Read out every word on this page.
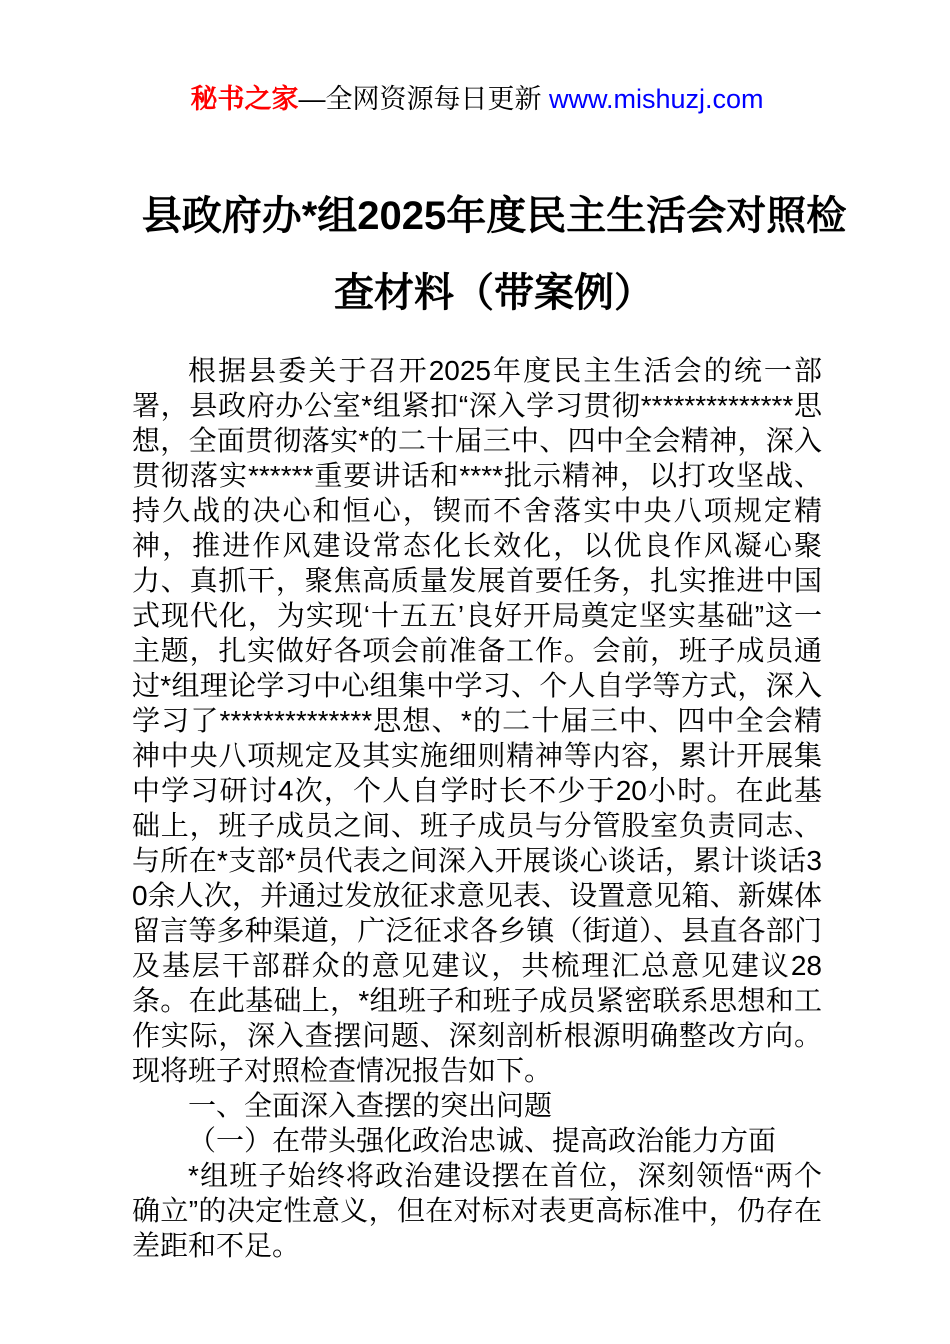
秘书之家—全网资源每日更新 www.mishuzj.com
县政府办*组2025年度民主生活会对照检查材料（带案例）

根据县委关于召开2025年度民主生活会的统一部署，县政府办公室*组紧扣“深入学习贯彻**************思想，全面贯彻落实*的二十届三中、四中全会精神，深入贯彻落实******重要讲话和****批示精神，以打攻坚战、持久战的决心和恒心，锲而不舍落实中央八项规定精神，推进作风建设常态化长效化，以优良作风凝心聚力、真抓干，聚焦高质量发展首要任务，扎实推进中国式现代化，为实现‘十五五’良好开局奠定坚实基础”这一主题，扎实做好各项会前准备工作。会前，班子成员通过*组理论学习中心组集中学习、个人自学等方式，深入学习了**************思想、*的二十届三中、四中全会精神中央八项规定及其实施细则精神等内容，累计开展集中学习研讨4次，个人自学时长不少于20小时。在此基础上，班子成员之间、班子成员与分管股室负责同志、与所在*支部*员代表之间深入开展谈心谈话，累计谈话30余人次，并通过发放征求意见表、设置意见箱、新媒体留言等多种渠道，广泛征求各乡镇（街道）、县直各部门及基层干部群众的意见建议，共梳理汇总意见建议28条。在此基础上，*组班子和班子成员紧密联系思想和工作实际，深入查摆问题、深刻剖析根源明确整改方向。现将班子对照检查情况报告如下。

一、全面深入查摆的突出问题

（一）在带头强化政治忠诚、提高政治能力方面

*组班子始终将政治建设摆在首位，深刻领悟“两个确立”的决定性意义，但在对标对表更高标准中，仍存在差距和不足。
